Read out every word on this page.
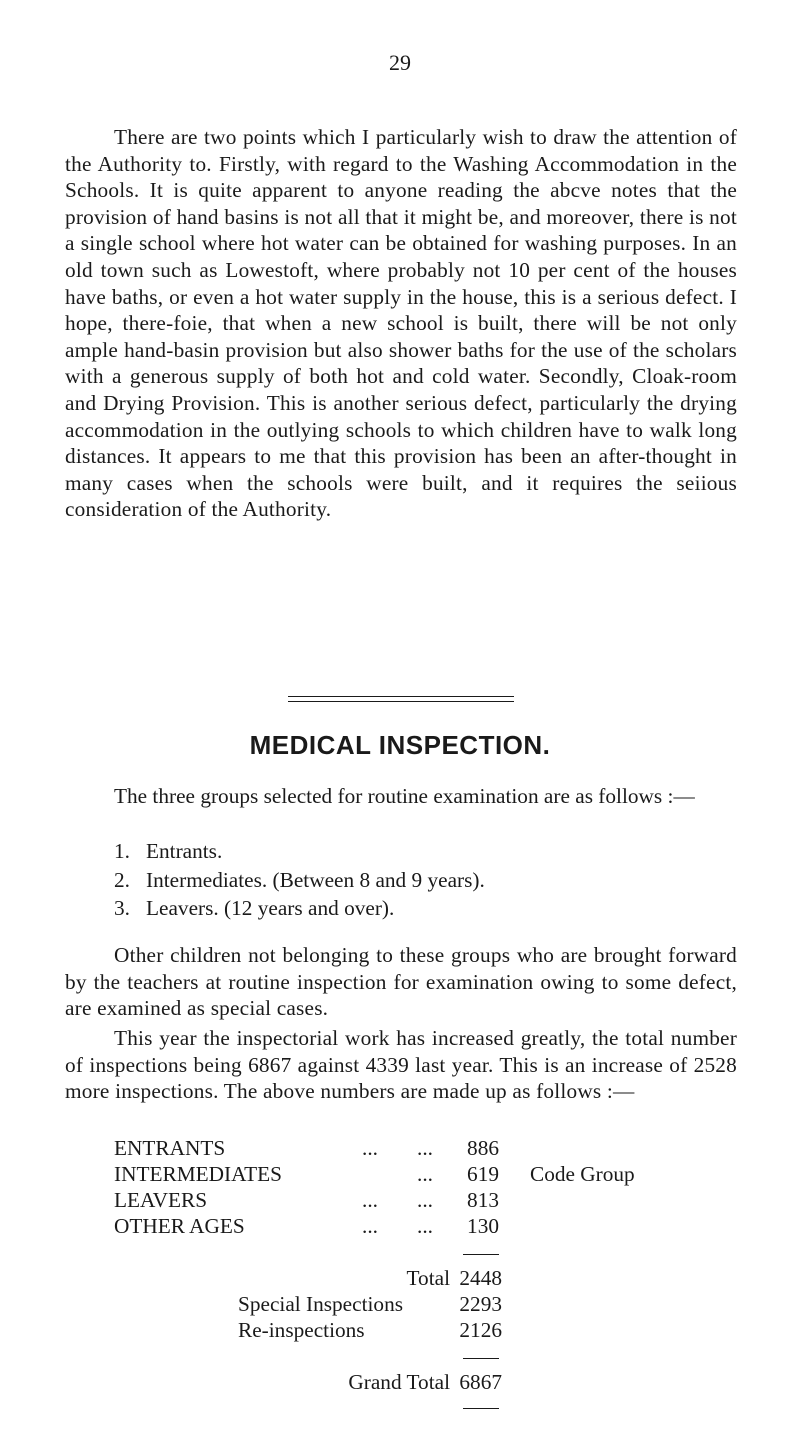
29

There are two points which I particularly wish to draw the attention of the Authority to. Firstly, with regard to the Washing Accommodation in the Schools. It is quite apparent to anyone reading the abcve notes that the provision of hand basins is not all that it might be, and moreover, there is not a single school where hot water can be obtained for washing purposes. In an old town such as Lowestoft, where probably not 10 per cent of the houses have baths, or even a hot water supply in the house, this is a serious defect. I hope, there-foie, that when a new school is built, there will be not only ample hand-basin provision but also shower baths for the use of the scholars with a generous supply of both hot and cold water. Secondly, Cloak-room and Drying Provision. This is another serious defect, particularly the drying accommodation in the outlying schools to which children have to walk long distances. It appears to me that this provision has been an after-thought in many cases when the schools were built, and it requires the seiious consideration of the Authority.

MEDICAL INSPECTION.

The three groups selected for routine examination are as follows :—

1. Entrants.
2. Intermediates. (Between 8 and 9 years).
3. Leavers. (12 years and over).

Other children not belonging to these groups who are brought forward by the teachers at routine inspection for examination owing to some defect, are examined as special cases.

This year the inspectorial work has increased greatly, the total number of inspections being 6867 against 4339 last year. This is an increase of 2528 more inspections. The above numbers are made up as follows :—

ENTRANTS	... ...	886
INTERMEDIATES	...	619 Code Group
LEAVERS	... ...	813
OTHER AGES	... ...	130
Total 2448
Special Inspections	2293
Re-inspections	2126
Grand Total 6867
